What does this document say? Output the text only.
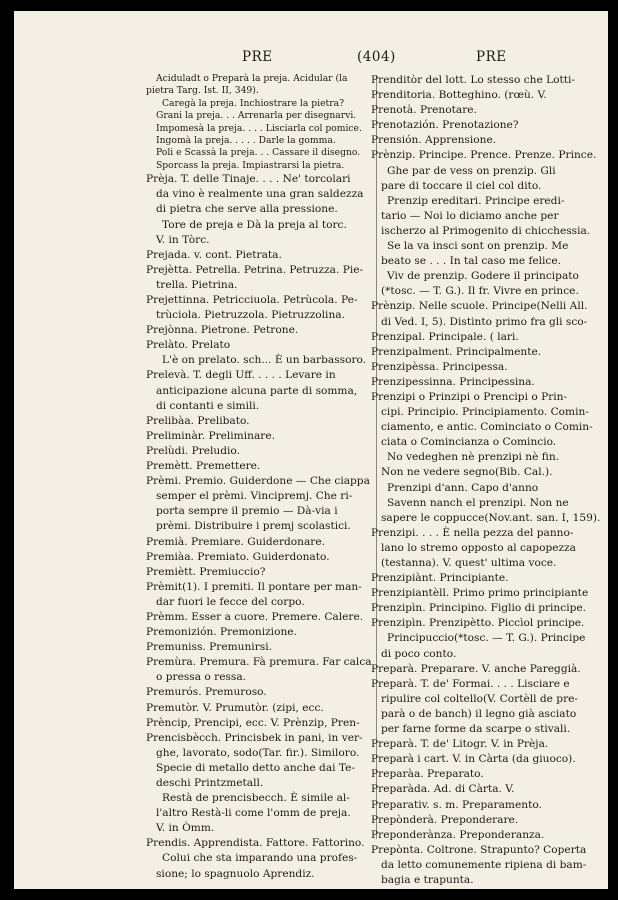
PRE	(404)	PRE

Aciduladt o Preparà la preja. Acidular (la

pietra Targ. Ist. II, 349).

Caregà la preja. Inchiostrare la pietra?

Grani la preja. . . Arrenarla per disegnarvi.

Impomesà la preja. . . . Lisciarla col pomice.

Ingomà la preja. . . . . Darle la gomma.

Poli e Scassà la preja. . . Cassare il disegno.

Sporcass la preja. Impiastrarsi la pietra.

Prèja. T. delle Tinaje. . . . Ne' torcolari

da vino è realmente una gran saldezza

di pietra che serve alla pressione.

Tore de preja e Dà la preja al torc.

V. in Tòrc.

Prejada. v. cont. Pietrata.

Prejètta. Petrella. Petrina. Petruzza. Pie-

trella. Pietrina.

Prejettinna. Petricciuola. Petrùcola. Pe-

trùciola. Pietruzzola. Pietruzzolina.

Prejònna. Pietrone. Petrone.

Prelàto. Prelato

L'è on prelato. sch... È un barbassoro.

Prelevà. T. degli Uff. . . . . Levare in

anticipazione alcuna parte di somma,

di contanti e simili.

Prelibàa. Prelibato.

Preliminàr. Preliminare.

Prelùdi. Preludio.

Premètt. Premettere.

Prèmi. Premio. Guiderdone — Che ciappa

semper el prèmi. Vincipremj. Che ri-

porta sempre il premio — Dà-via i

prèmi. Distribuire i premj scolastici.

Premià. Premiare. Guiderdonare.

Premiàa. Premiato. Guiderdonato.

Premiètt. Premiuccio?

Prèmit(1). I premiti. Il pontare per man-

dar fuori le fecce del corpo.

Prèmm. Esser a cuore. Premere. Calere.

Premonizión. Premonizione.

Premuniss. Premunirsi.

Premùra. Premura. Fà premura. Far calca

o pressa o ressa.

Premurós. Premuroso.

Premutòr. V. Prumutòr. (zipi, ecc.

Prèncip, Prencipi, ecc. V. Prènzip, Pren-

Prencisbècch. Princisbek in pani, in ver-

ghe, lavorato, sodo(Tar. fir.). Similoro.

Specie di metallo detto anche dai Te-

deschi Printzmetall.

Restà de prencisbecch. È simile al-

l'altro Restà-li come l'omm de preja.

V. in Òmm.

Prendis. Apprendista. Fattore. Fattorino.

Colui che sta imparando una profes-

sione; lo spagnuolo Aprendiz.

Prenditòr del lott. Lo stesso che Lotti-

Prenditoria. Botteghino. (rœù. V.

Prenotà. Prenotare.

Prenotazión. Prenotazione?

Prensión. Apprensione.

Prènzip. Principe. Prence. Prenze. Prince.

Ghe par de vess on prenzip. Gli

pare di toccare il ciel col dito.

Prenzip ereditari. Principe eredi-

tario — Noi lo diciamo anche per

ischerzo al Primogenito di chicchessia.

Se la va insci sont on prenzip. Me

beato se . . . In tal caso me felice.

Viv de prenzip. Godere il principato

(*tosc. — T. G.). Il fr. Vivre en prince.

Prènzip. Nelle scuole. Principe(Nelli All.

di Ved. I, 5). Distinto primo fra gli sco-

Prenzipal. Principale. ( lari.

Prenzipalment. Principalmente.

Prenzipèssa. Principessa.

Prenzipessinna. Principessina.

Prenzipi o Prinzipi o Prencipi o Prin-

cipi. Principio. Principiamento. Comin-

ciamento, e antic. Cominciato o Comin-

ciata o Comincianza o Comincio.

No vedeghen nè prenzipi nè fin.

Non ne vedere segno(Bib. Cal.).

Prenzipi d'ann. Capo d'anno

Savenn nanch el prenzipi. Non ne

sapere le coppucce(Nov.ant. san. I, 159).

Prenzipi. . . . È nella pezza del panno-

lano lo stremo opposto al capopezza

(testanna). V. quest' ultima voce.

Prenzipiànt. Principiante.

Prenzipiantèll. Primo primo principiante

Prenzipìn. Principino. Figlio di principe.

Prenzipìn. Prenzipètto. Piccìol principe.

Principuccio(*tosc. — T. G.). Principe

di poco conto.

Preparà. Preparare. V. anche Pareggià.

Preparà. T. de' Formai. . . . Lisciare e

ripulire col coltello(V. Cortèll de pre-

parà o de banch) il legno già asciato

per farne forme da scarpe o stivali.

Preparà. T. de' Litogr. V. in Prèja.

Preparà i cart. V. in Càrta (da giuoco).

Preparàa. Preparato.

Preparàda. Ad. di Càrta. V.

Preparativ. s. m. Preparamento.

Prepònderà. Preponderare.

Preponderànza. Preponderanza.

Prepònta. Coltrone. Strapunto? Coperta

da letto comunemente ripiena di bam-

bagia e trapunta.
